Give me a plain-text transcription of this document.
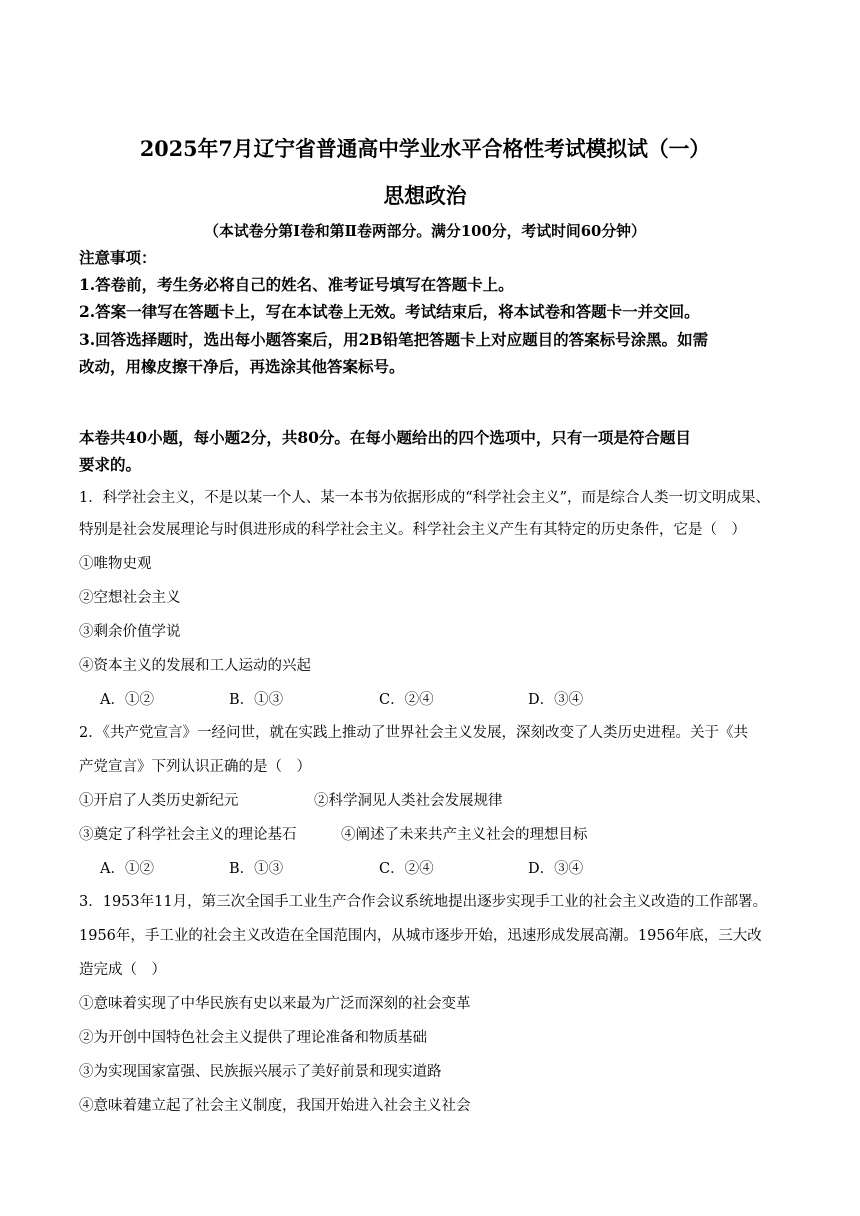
2025年7月辽宁省普通高中学业水平合格性考试模拟试（一）
思想政治
（本试卷分第Ⅰ卷和第Ⅱ卷两部分。满分100分，考试时间60分钟）
注意事项：
1.答卷前，考生务必将自己的姓名、准考证号填写在答题卡上。
2.答案一律写在答题卡上，写在本试卷上无效。考试结束后，将本试卷和答题卡一并交回。
3.回答选择题时，选出每小题答案后，用2B铅笔把答题卡上对应题目的答案标号涂黑。如需
改动，用橡皮擦干净后，再选涂其他答案标号。
本卷共40小题，每小题2分，共80分。在每小题给出的四个选项中，只有一项是符合题目
要求的。
1．科学社会主义，不是以某一个人、某一本书为依据形成的“科学社会主义”，而是综合人类一切文明成果、
特别是社会发展理论与时俱进形成的科学社会主义。科学社会主义产生有其特定的历史条件，它是（　）
①唯物史观
②空想社会主义
③剩余价值学说
④资本主义的发展和工人运动的兴起
A．①②	B．①③	C．②④	D．③④
2．《共产党宣言》一经问世，就在实践上推动了世界社会主义发展，深刻改变了人类历史进程。关于《共
产党宣言》下列认识正确的是（　）
①开启了人类历史新纪元	②科学洞见人类社会发展规律
③奠定了科学社会主义的理论基石	④阐述了未来共产主义社会的理想目标
A．①②	B．①③	C．②④	D．③④
3．1953年11月，第三次全国手工业生产合作会议系统地提出逐步实现手工业的社会主义改造的工作部署。
1956年，手工业的社会主义改造在全国范围内，从城市逐步开始，迅速形成发展高潮。1956年底，三大改
造完成（　）
①意味着实现了中华民族有史以来最为广泛而深刻的社会变革
②为开创中国特色社会主义提供了理论准备和物质基础
③为实现国家富强、民族振兴展示了美好前景和现实道路
④意味着建立起了社会主义制度，我国开始进入社会主义社会
